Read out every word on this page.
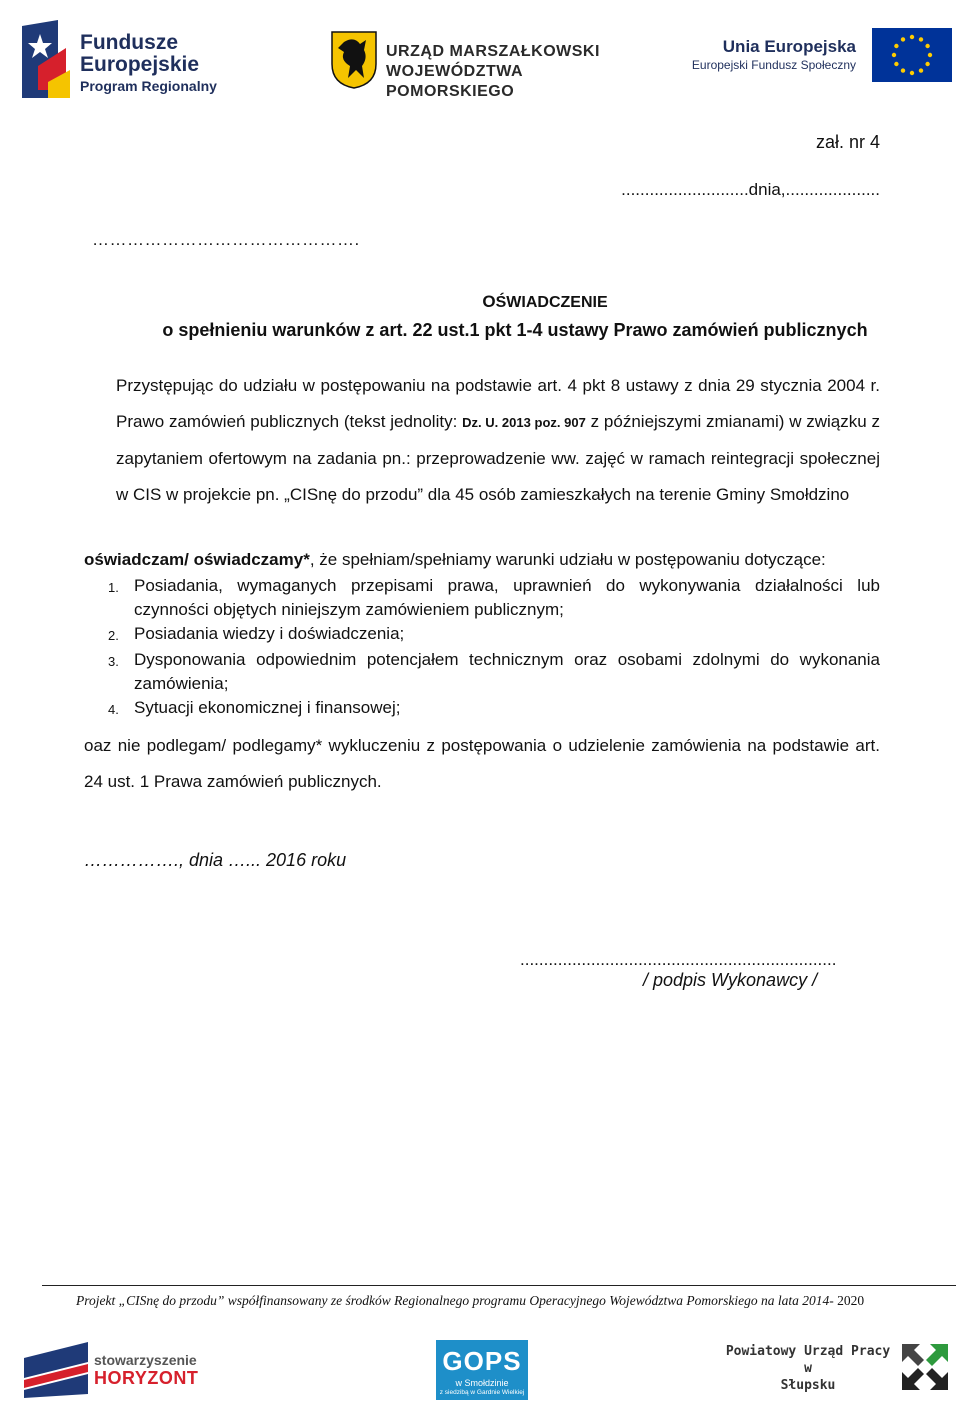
Fundusze
Europejskie
Program Regionalny
URZĄD MARSZAŁKOWSKI
WOJEWÓDZTWA POMORSKIEGO
Unia Europejska
Europejski Fundusz Społeczny
zał. nr 4
...........................dnia,....................
……………………………………….
OŚWIADCZENIE
o spełnieniu warunków z art. 22 ust.1 pkt 1-4 ustawy Prawo zamówień publicznych
Przystępując do udziału w postępowaniu na podstawie art. 4 pkt 8 ustawy z dnia 29 stycznia 2004 r. Prawo zamówień publicznych (tekst jednolity: Dz. U. 2013 poz. 907 z późniejszymi zmianami) w związku z zapytaniem ofertowym na zadania pn.: przeprowadzenie ww. zajęć w ramach reintegracji społecznej w CIS w projekcie pn. „CISnę do przodu” dla 45 osób zamieszkałych na terenie Gminy Smołdzino
oświadczam/ oświadczamy*, że spełniam/spełniamy warunki udziału w postępowaniu dotyczące:
1. Posiadania, wymaganych przepisami prawa, uprawnień do wykonywania działalności lub czynności objętych niniejszym zamówieniem publicznym;
2. Posiadania wiedzy i doświadczenia;
3. Dysponowania odpowiednim potencjałem technicznym oraz osobami zdolnymi do wykonania zamówienia;
4. Sytuacji ekonomicznej i finansowej;
oaz nie podlegam/ podlegamy* wykluczeniu z postępowania o udzielenie zamówienia na podstawie art. 24 ust. 1 Prawa zamówień publicznych.
……………., dnia …... 2016 roku
...................................................................
/ podpis Wykonawcy /
Projekt „CISnę do przodu” współfinansowany ze środków Regionalnego programu Operacyjnego Województwa Pomorskiego na lata 2014- 2020
stowarzyszenie
HORYZONT
GOPS
w Smołdzinie
z siedzibą w Gardnie Wielkiej
Powiatowy Urząd Pracy
w
Słupsku
